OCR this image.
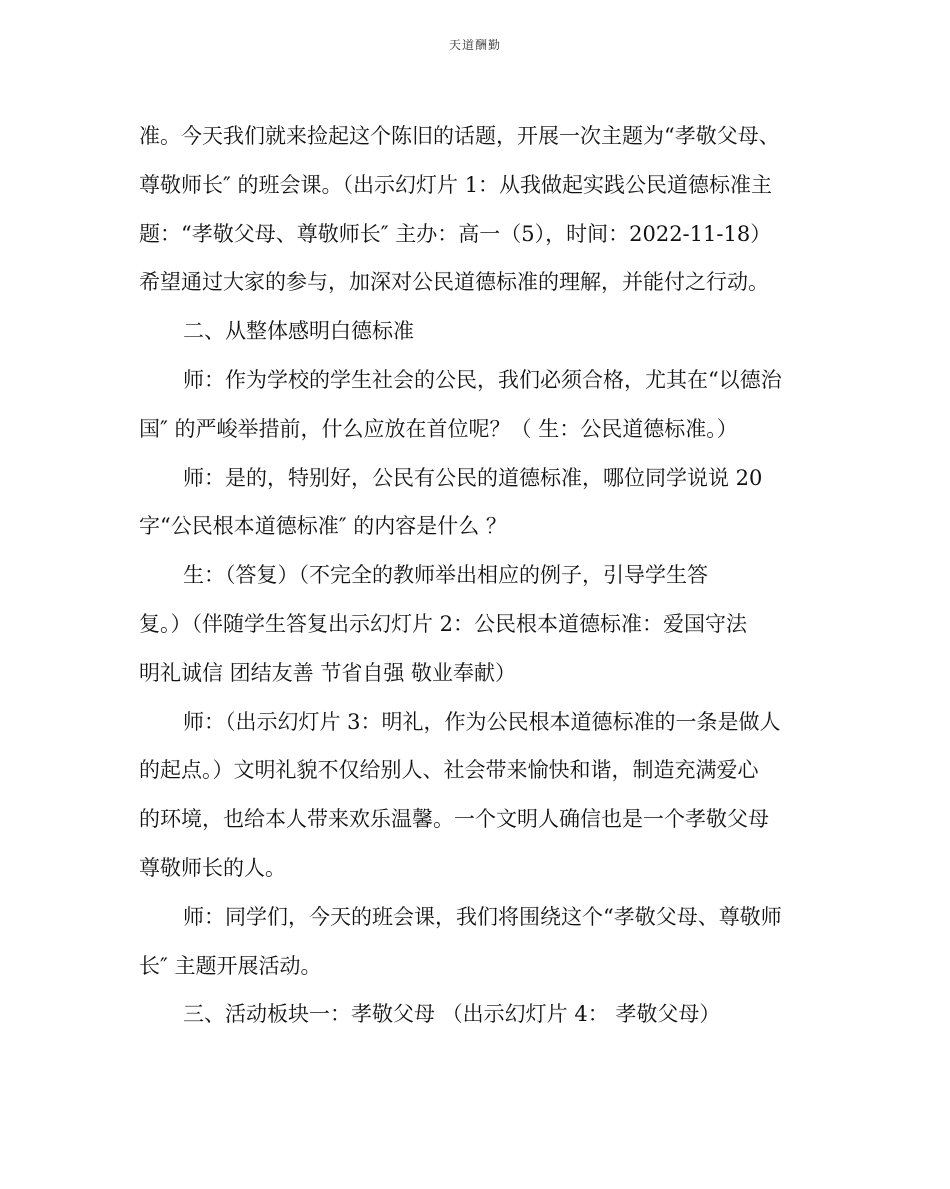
天道酬勤
准。今天我们就来捡起这个陈旧的话题，开展一次主题为“孝敬父母、
尊敬师长″ 的班会课。（出示幻灯片 1：从我做起实践公民道德标准主
题：“孝敬父母、尊敬师长″ 主办：高一（5），时间：2022-11-18）
希望通过大家的参与，加深对公民道德标准的理解，并能付之行动。
二、从整体感明白德标准
师：作为学校的学生社会的公民，我们必须合格，尤其在“以德治
国″ 的严峻举措前，什么应放在首位呢？（ 生：公民道德标准。）
师：是的，特别好，公民有公民的道德标准，哪位同学说说 20
字“公民根本道德标准″ 的内容是什么 ？
生：（答复）（不完全的教师举出相应的例子，引导学生答
复。）（伴随学生答复出示幻灯片 2：公民根本道德标准：爱国守法
明礼诚信 团结友善 节省自强 敬业奉献）
师：（出示幻灯片 3：明礼，作为公民根本道德标准的一条是做人
的起点。）文明礼貌不仅给别人、社会带来愉快和谐，制造充满爱心
的环境，也给本人带来欢乐温馨。一个文明人确信也是一个孝敬父母
尊敬师长的人。
师：同学们，今天的班会课，我们将围绕这个“孝敬父母、尊敬师
长″ 主题开展活动。
三、活动板块一：孝敬父母 （出示幻灯片 4： 孝敬父母）
